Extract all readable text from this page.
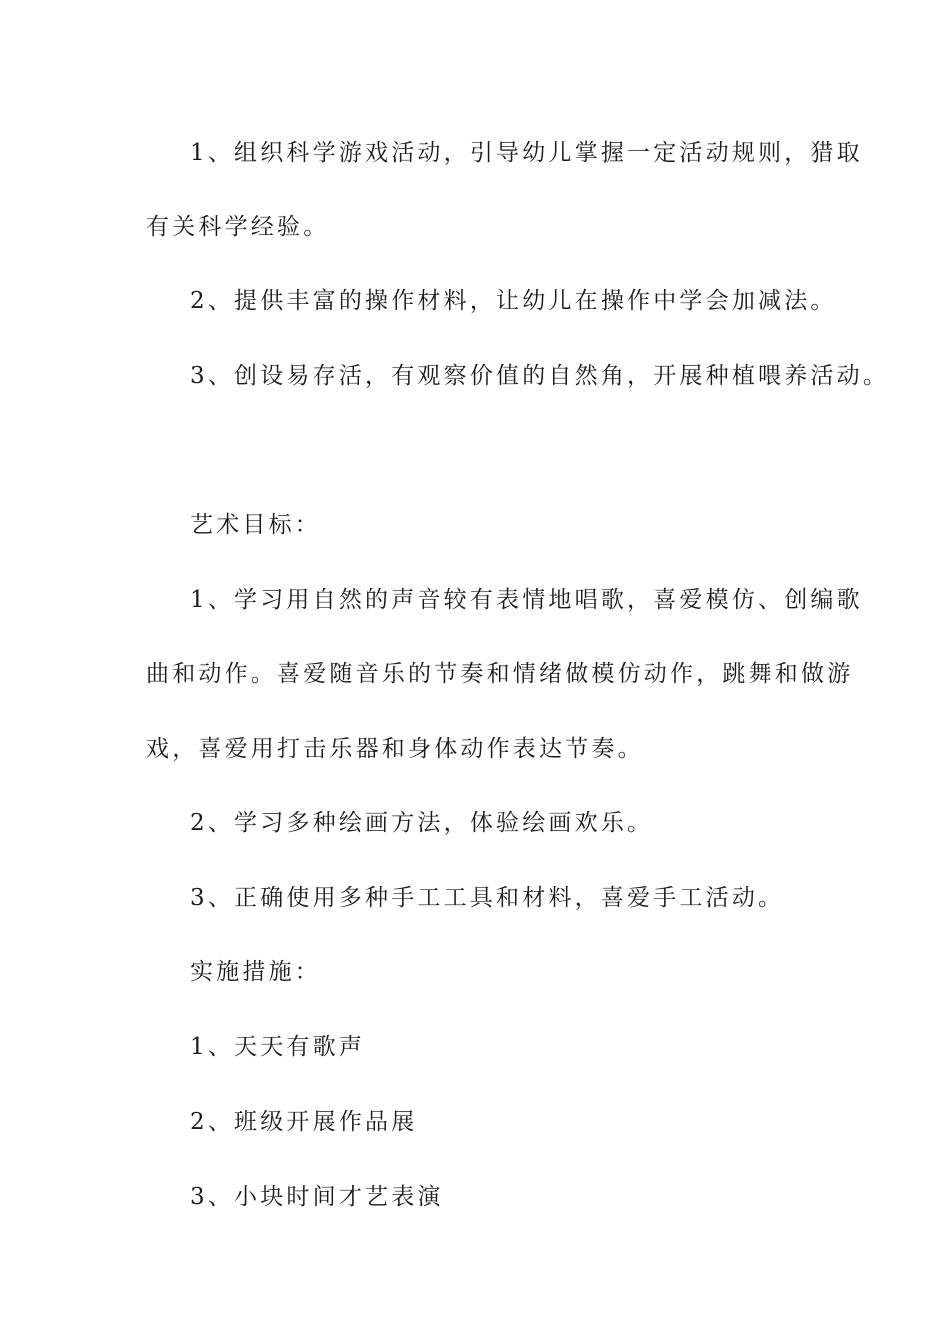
1、组织科学游戏活动，引导幼儿掌握一定活动规则，猎取
有关科学经验。
2、提供丰富的操作材料，让幼儿在操作中学会加减法。
3、创设易存活，有观察价值的自然角，开展种植喂养活动。
艺术目标：
1、学习用自然的声音较有表情地唱歌，喜爱模仿、创编歌
曲和动作。喜爱随音乐的节奏和情绪做模仿动作，跳舞和做游
戏，喜爱用打击乐器和身体动作表达节奏。
2、学习多种绘画方法，体验绘画欢乐。
3、正确使用多种手工工具和材料，喜爱手工活动。
实施措施：
1、天天有歌声
2、班级开展作品展
3、小块时间才艺表演
